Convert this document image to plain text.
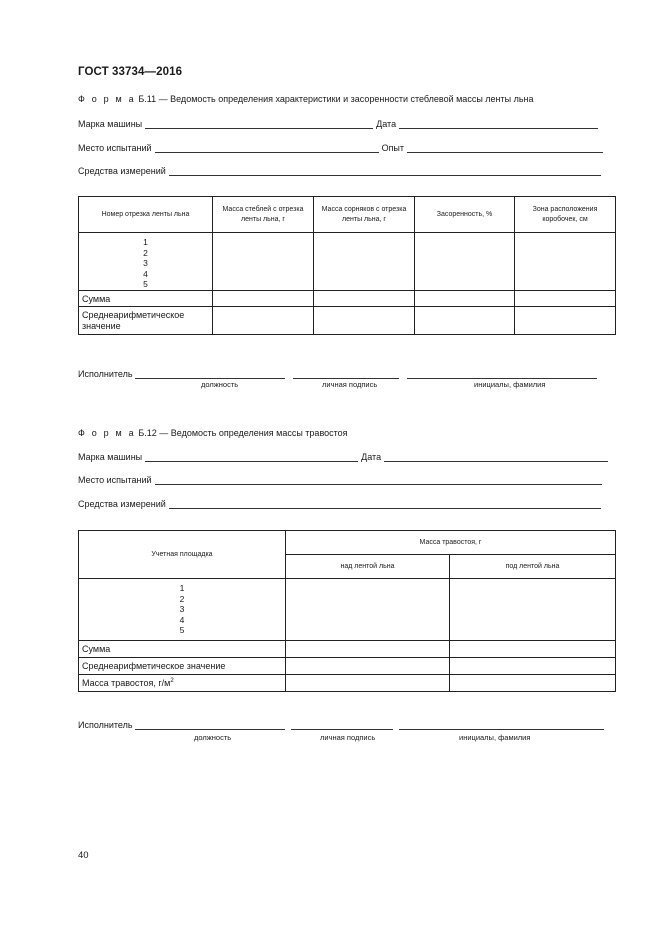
ГОСТ 33734—2016
Ф о р м а Б.11 — Ведомость определения характеристики и засоренности стеблевой массы ленты льна
Марка машины	Дата
Место испытаний	Опыт
Средства измерений
Номер отрезка ленты льна	Масса стеблей с отрезка ленты льна, г	Масса сорняков с отрезка ленты льна, г	Засоренность, %	Зона расположения коробочек, см

1
2
3
4
5				

Сумма				

Среднеарифметическое
значение				

Исполнитель
должность	личная подпись	инициалы, фамилия
Ф о р м а Б.12 — Ведомость определения массы травостоя
Марка машины	Дата
Место испытаний
Средства измерений
Учетная площадка	Масса травостоя, г	
	над лентой льна	под лентой льна

1
2
3
4
5		

Сумма		
Среднеарифметическое значение		
Масса травостоя, $г/м^2$		
Исполнитель
должность	личная подпись	инициалы, фамилия
40
